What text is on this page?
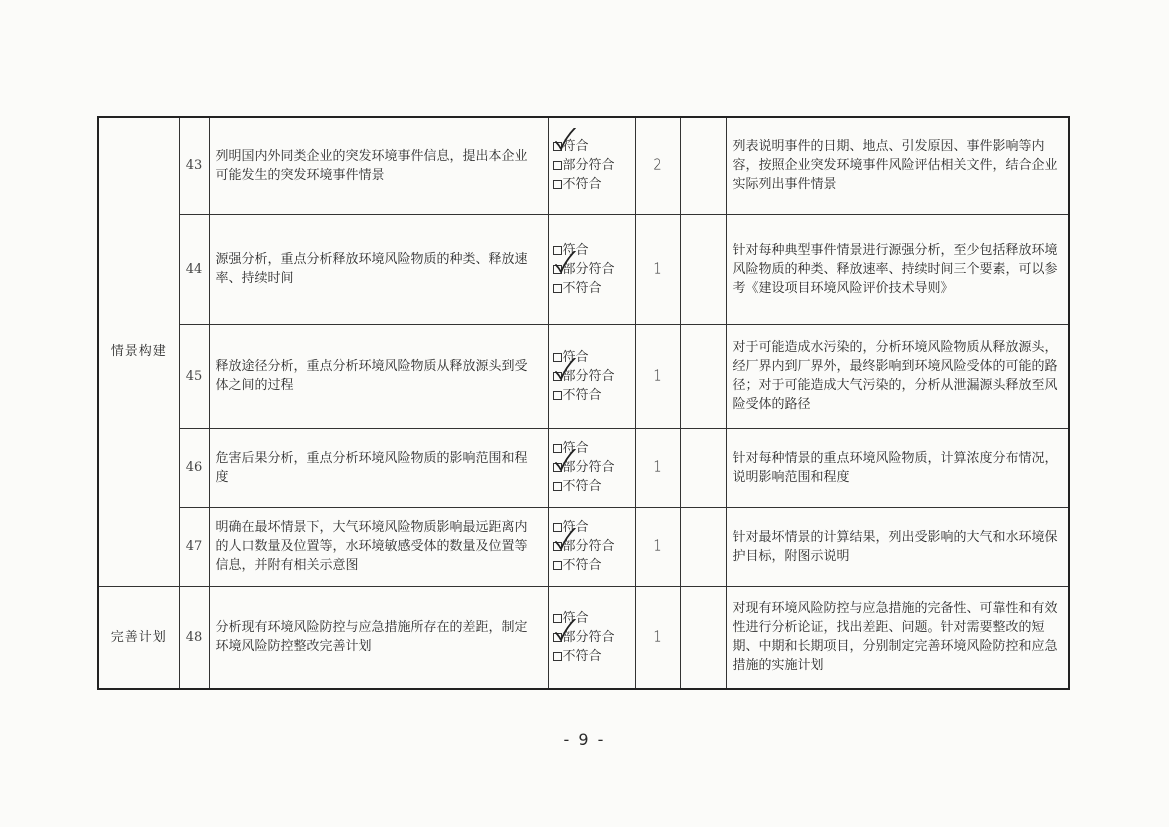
情景构建	43	列明国内外同类企业的突发环境事件信息，提出本企业可能发生的突发环境事件情景	符合
部分符合
不符合	2		列表说明事件的日期、地点、引发原因、事件影响等内容，按照企业突发环境事件风险评估相关文件，结合企业实际列出事件情景
	44	源强分析，重点分析释放环境风险物质的种类、释放速率、持续时间	符合
部分符合
不符合	1		针对每种典型事件情景进行源强分析，至少包括释放环境风险物质的种类、释放速率、持续时间三个要素，可以参考《建设项目环境风险评价技术导则》
	45	释放途径分析，重点分析环境风险物质从释放源头到受体之间的过程	符合
部分符合
不符合	1		对于可能造成水污染的，分析环境风险物质从释放源头，经厂界内到厂界外，最终影响到环境风险受体的可能的路径；对于可能造成大气污染的，分析从泄漏源头释放至风险受体的路径
	46	危害后果分析，重点分析环境风险物质的影响范围和程度	符合
部分符合
不符合	1		针对每种情景的重点环境风险物质，计算浓度分布情况，说明影响范围和程度
	47	明确在最坏情景下，大气环境风险物质影响最远距离内的人口数量及位置等，水环境敏感受体的数量及位置等信息，并附有相关示意图	符合
部分符合
不符合	1		针对最坏情景的计算结果，列出受影响的大气和水环境保护目标，附图示说明
完善计划	48	分析现有环境风险防控与应急措施所存在的差距，制定环境风险防控整改完善计划	符合
部分符合
不符合	1		对现有环境风险防控与应急措施的完备性、可靠性和有效性进行分析论证，找出差距、问题。针对需要整改的短期、中期和长期项目，分别制定完善环境风险防控和应急措施的实施计划
- 9 -
